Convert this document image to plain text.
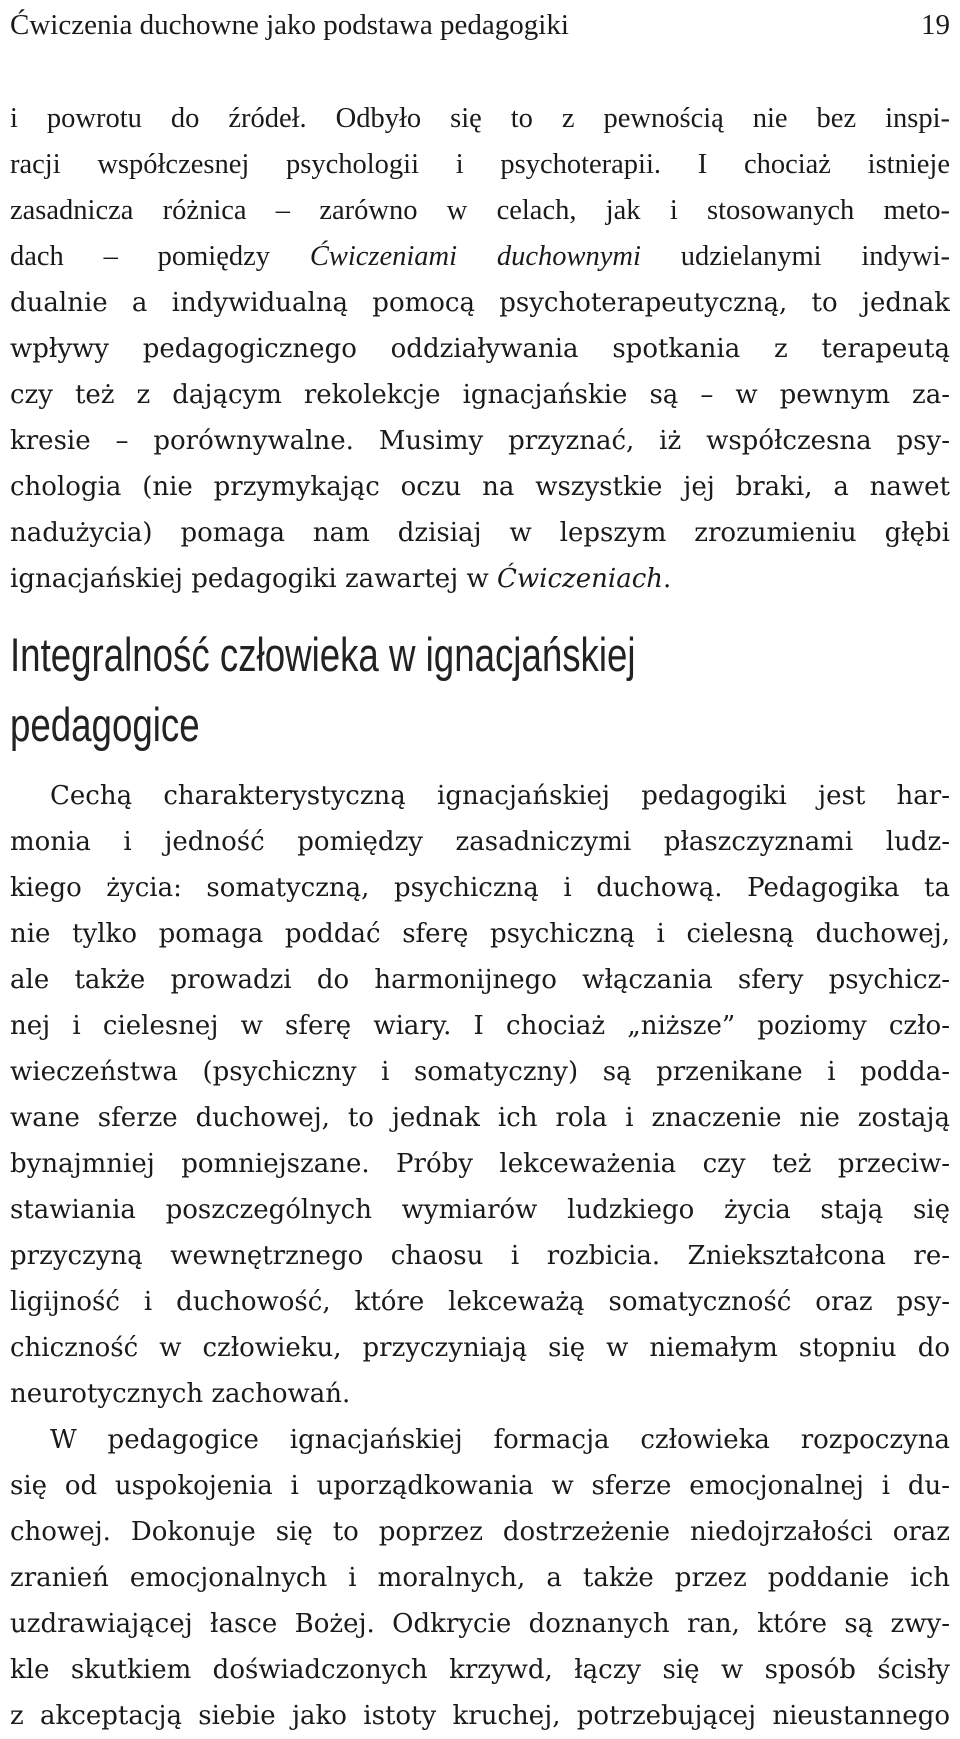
Ćwiczenia duchowne jako podstawa pedagogiki	19
i powrotu do źródeł. Odbyło się to z pewnością nie bez inspi-
racji współczesnej psychologii i psychoterapii. I chociaż istnieje
zasadnicza różnica – zarówno w celach, jak i stosowanych meto-
dach – pomiędzy Ćwiczeniami duchownymi udzielanymi indywi-
dualnie a indywidualną pomocą psychoterapeutyczną, to jednak
wpływy pedagogicznego oddziaływania spotkania z terapeutą
czy też z dającym rekolekcje ignacjańskie są – w pewnym za-
kresie – porównywalne. Musimy przyznać, iż współczesna psy-
chologia (nie przymykając oczu na wszystkie jej braki, a nawet
nadużycia) pomaga nam dzisiaj w lepszym zrozumieniu głębi
ignacjańskiej pedagogiki zawartej w Ćwiczeniach.
Integralność człowieka w ignacjańskiej
pedagogice
Cechą charakterystyczną ignacjańskiej pedagogiki jest har-
monia i jedność pomiędzy zasadniczymi płaszczyznami ludz-
kiego życia: somatyczną, psychiczną i duchową. Pedagogika ta
nie tylko pomaga poddać sferę psychiczną i cielesną duchowej,
ale także prowadzi do harmonijnego włączania sfery psychicz-
nej i cielesnej w sferę wiary. I chociaż „niższe” poziomy czło-
wieczeństwa (psychiczny i somatyczny) są przenikane i podda-
wane sferze duchowej, to jednak ich rola i znaczenie nie zostają
bynajmniej pomniejszane. Próby lekceważenia czy też przeciw-
stawiania poszczególnych wymiarów ludzkiego życia stają się
przyczyną wewnętrznego chaosu i rozbicia. Zniekształcona re-
ligijność i duchowość, które lekceważą somatyczność oraz psy-
chiczność w człowieku, przyczyniają się w niemałym stopniu do
neurotycznych zachowań.
W pedagogice ignacjańskiej formacja człowieka rozpoczyna
się od uspokojenia i uporządkowania w sferze emocjonalnej i du-
chowej. Dokonuje się to poprzez dostrzeżenie niedojrzałości oraz
zranień emocjonalnych i moralnych, a także przez poddanie ich
uzdrawiającej łasce Bożej. Odkrycie doznanych ran, które są zwy-
kle skutkiem doświadczonych krzywd, łączy się w sposób ścisły
z akceptacją siebie jako istoty kruchej, potrzebującej nieustannego
